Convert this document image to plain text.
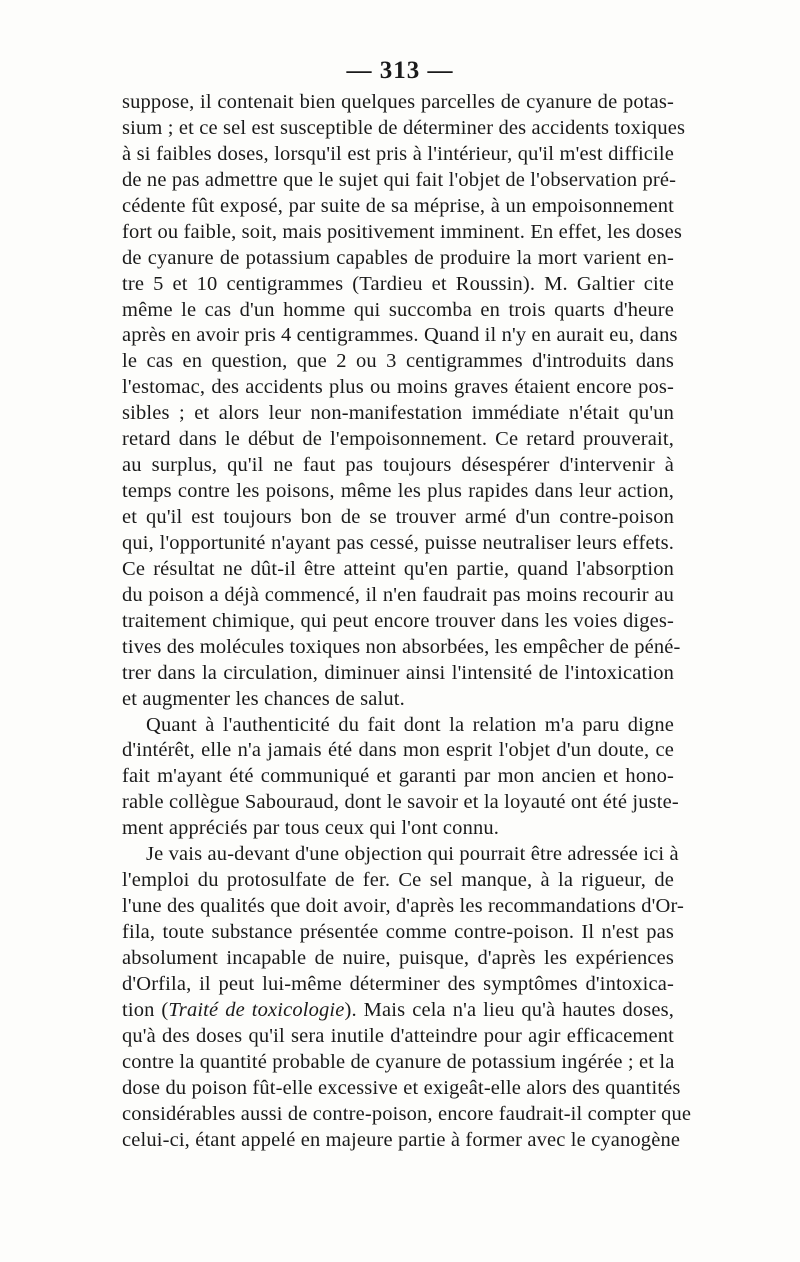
— 313 —
suppose, il contenait bien quelques parcelles de cyanure de potas-
sium ; et ce sel est susceptible de déterminer des accidents toxiques
à si faibles doses, lorsqu'il est pris à l'intérieur, qu'il m'est difficile
de ne pas admettre que le sujet qui fait l'objet de l'observation pré-
cédente fût exposé, par suite de sa méprise, à un empoisonnement
fort ou faible, soit, mais positivement imminent. En effet, les doses
de cyanure de potassium capables de produire la mort varient en-
tre 5 et 10 centigrammes (Tardieu et Roussin). M. Galtier cite
même le cas d'un homme qui succomba en trois quarts d'heure
après en avoir pris 4 centigrammes. Quand il n'y en aurait eu, dans
le cas en question, que 2 ou 3 centigrammes d'introduits dans
l'estomac, des accidents plus ou moins graves étaient encore pos-
sibles ; et alors leur non-manifestation immédiate n'était qu'un
retard dans le début de l'empoisonnement. Ce retard prouverait,
au surplus, qu'il ne faut pas toujours désespérer d'intervenir à
temps contre les poisons, même les plus rapides dans leur action,
et qu'il est toujours bon de se trouver armé d'un contre-poison
qui, l'opportunité n'ayant pas cessé, puisse neutraliser leurs effets.
Ce résultat ne dût-il être atteint qu'en partie, quand l'absorption
du poison a déjà commencé, il n'en faudrait pas moins recourir au
traitement chimique, qui peut encore trouver dans les voies diges-
tives des molécules toxiques non absorbées, les empêcher de péné-
trer dans la circulation, diminuer ainsi l'intensité de l'intoxication
et augmenter les chances de salut.
Quant à l'authenticité du fait dont la relation m'a paru digne
d'intérêt, elle n'a jamais été dans mon esprit l'objet d'un doute, ce
fait m'ayant été communiqué et garanti par mon ancien et hono-
rable collègue Sabouraud, dont le savoir et la loyauté ont été juste-
ment appréciés par tous ceux qui l'ont connu.
Je vais au-devant d'une objection qui pourrait être adressée ici à
l'emploi du protosulfate de fer. Ce sel manque, à la rigueur, de
l'une des qualités que doit avoir, d'après les recommandations d'Or-
fila, toute substance présentée comme contre-poison. Il n'est pas
absolument incapable de nuire, puisque, d'après les expériences
d'Orfila, il peut lui-même déterminer des symptômes d'intoxica-
tion (Traité de toxicologie). Mais cela n'a lieu qu'à hautes doses,
qu'à des doses qu'il sera inutile d'atteindre pour agir efficacement
contre la quantité probable de cyanure de potassium ingérée ; et la
dose du poison fût-elle excessive et exigeât-elle alors des quantités
considérables aussi de contre-poison, encore faudrait-il compter que
celui-ci, étant appelé en majeure partie à former avec le cyanogène
